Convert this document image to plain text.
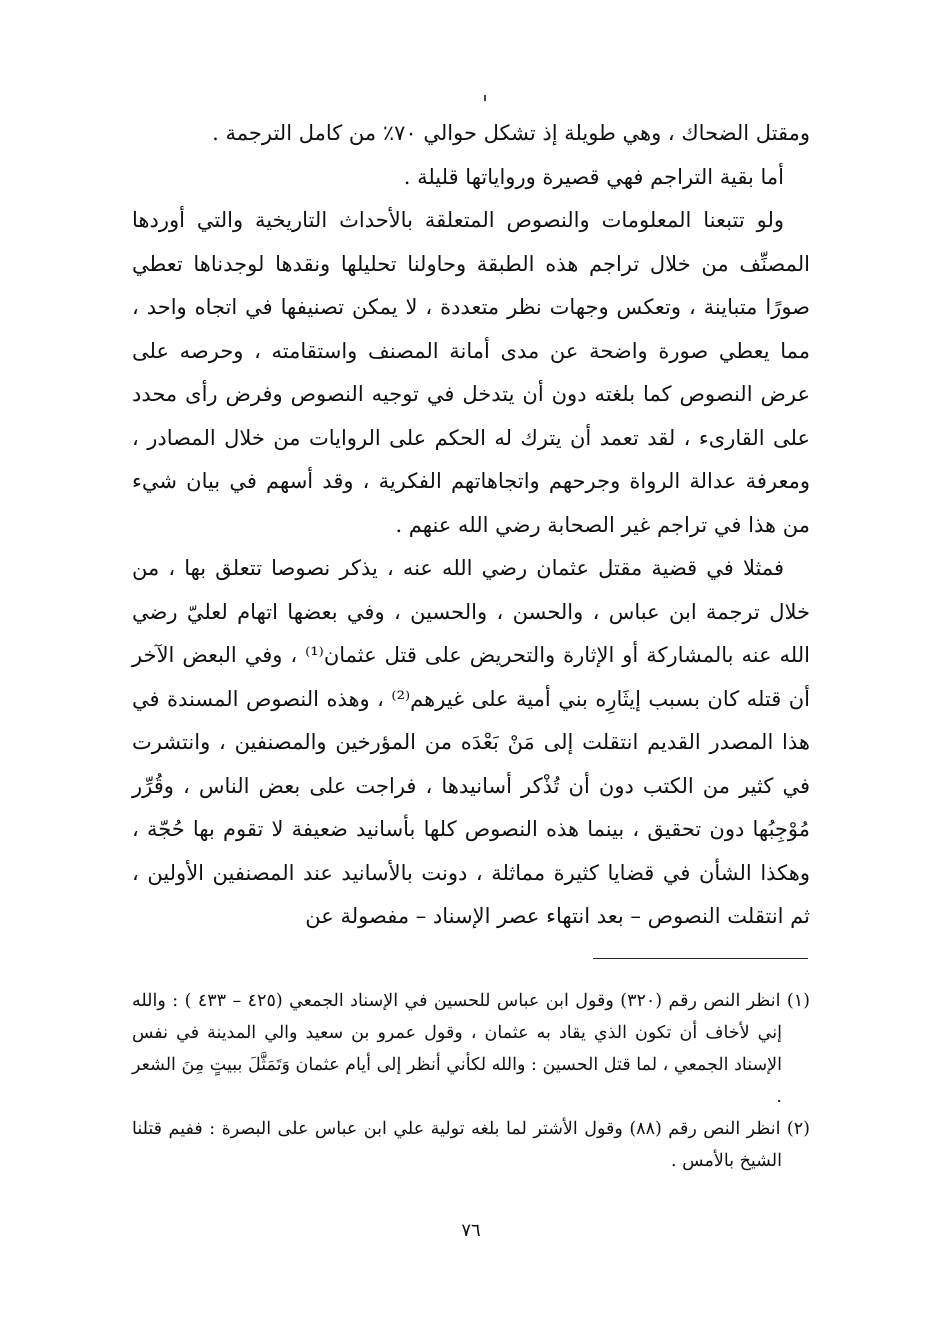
ومقتل الضحاك ، وهي طويلة إذ تشكل حوالي ٧٠٪ من كامل الترجمة .

أما بقية التراجم فهي قصيرة وروایاتها قليلة .

ولو تتبعنا المعلومات والنصوص المتعلقة بالأحداث التاريخية والتي أوردها المصنِّف من خلال تراجم هذه الطبقة وحاولنا تحليلها ونقدها لوجدناها تعطي صورًا متباينة ، وتعكس وجهات نظر متعددة ، لا يمكن تصنيفها في اتجاه واحد ، مما يعطي صورة واضحة عن مدى أمانة المصنف واستقامته ، وحرصه على عرض النصوص كما بلغته دون أن يتدخل في توجيه النصوص وفرض رأى محدد على القارىء ، لقد تعمد أن يترك له الحكم على الروايات من خلال المصادر ، ومعرفة عدالة الرواة وجرحهم واتجاهاتهم الفكرية ، وقد أسهم في بيان شيء من هذا في تراجم غير الصحابة رضي الله عنهم .

فمثلا في قضية مقتل عثمان رضي الله عنه ، يذكر نصوصا تتعلق بها ، من خلال ترجمة ابن عباس ، والحسن ، والحسين ، وفي بعضها اتهام لعليّ رضي الله عنه بالمشاركة أو الإثارة والتحريض على قتل عثمان⁽¹⁾ ، وفي البعض الآخر أن قتله كان بسبب إيثَارِه بني أمية على غيرهم⁽²⁾ ، وهذه النصوص المسندة في هذا المصدر القديم انتقلت إلى مَنْ بَعْدَه من المؤرخين والمصنفين ، وانتشرت في كثير من الكتب دون أن تُذْكر أسانيدها ، فراجت على بعض الناس ، وقُرِّر مُوْجِبُها دون تحقيق ، بينما هذه النصوص كلها بأسانيد ضعيفة لا تقوم بها حُجّة ، وهكذا الشأن في قضايا كثيرة مماثلة ، دونت بالأسانيد عند المصنفين الأولين ، ثم انتقلت النصوص – بعد انتهاء عصر الإسناد – مفصولة عن

(١) انظر النص رقم (٣٢٠) وقول ابن عباس للحسين في الإسناد الجمعي (٤٢٥ – ٤٣٣ ) : والله إني لأخاف أن تكون الذي يقاد به عثمان ، وقول عمرو بن سعيد والي المدينة في نفس الإسناد الجمعي ، لما قتل الحسين : والله لكأني أنظر إلى أيام عثمان وَتَمَثَّلَ ببيتٍ مِنَ الشعر .

(٢) انظر النص رقم (٨٨) وقول الأشتر لما بلغه تولية علي ابن عباس على البصرة : ففيم قتلنا الشيخ بالأمس .

٧٦
